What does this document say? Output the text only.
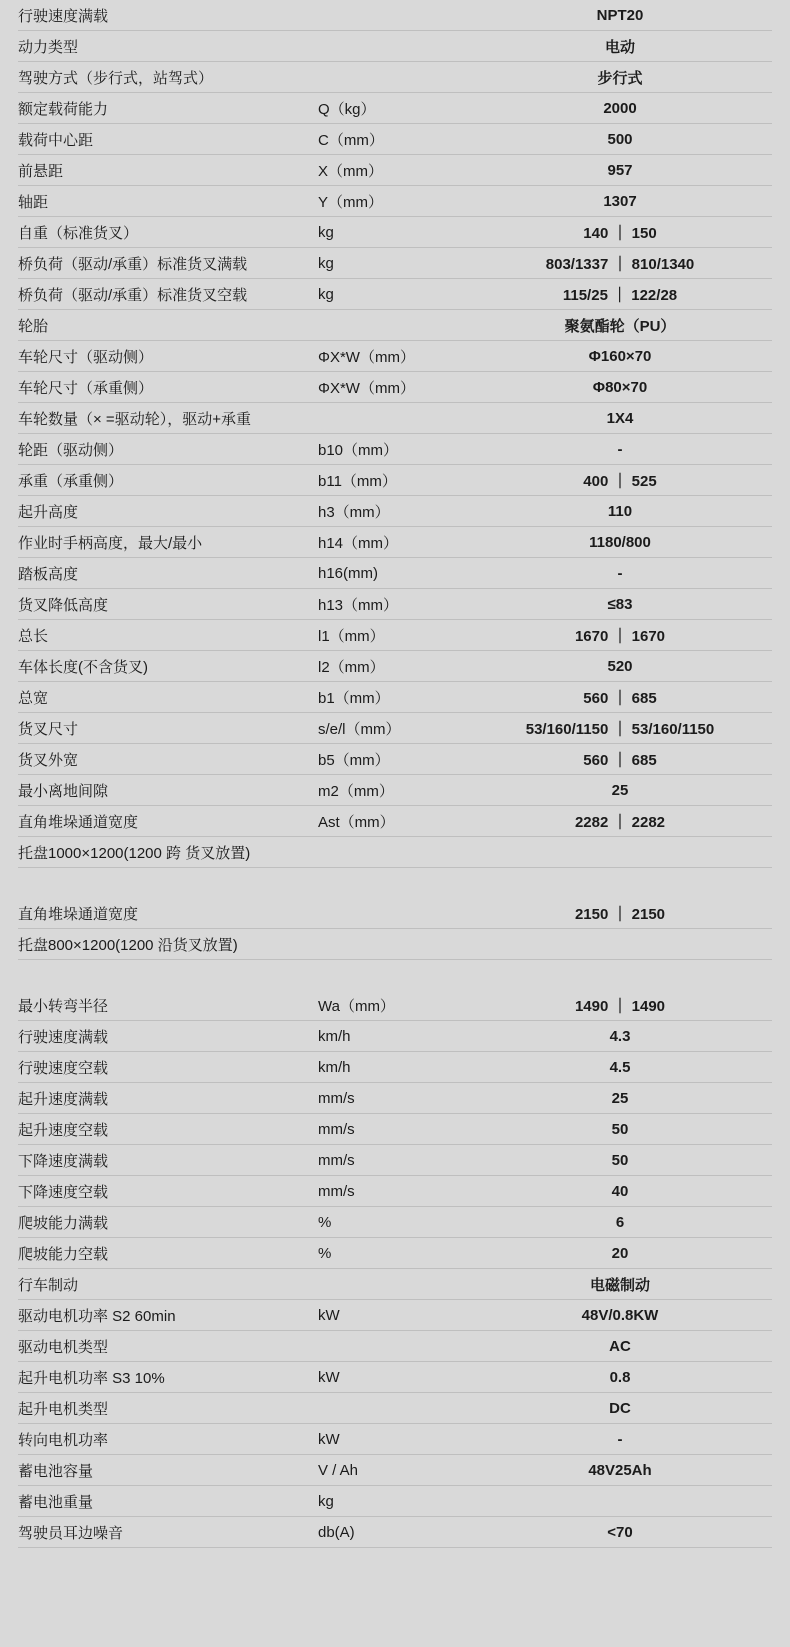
行驶速度满载		NPT20
动力类型		电动
驾驶方式（步行式，站驾式）		步行式
额定载荷能力	Q（kg）	2000
载荷中心距	C（mm）	500
前悬距	X（mm）	957
轴距	Y（mm）	1307
自重（标准货叉）	kg	140 ｜ 150
桥负荷（驱动/承重）标准货叉满载	kg	803/1337 ｜ 810/1340
桥负荷（驱动/承重）标准货叉空载	kg	115/25 ｜ 122/28
轮胎		聚氨酯轮（PU）
车轮尺寸（驱动侧）	ΦX*W（mm）	Φ160×70
车轮尺寸（承重侧）	ΦX*W（mm）	Φ80×70
车轮数量（× =驱动轮），驱动+承重		1X4
轮距（驱动侧）	b10（mm）	-
承重（承重侧）	b11（mm）	400 ｜ 525
起升高度	h3（mm）	110
作业时手柄高度，最大/最小	h14（mm）	1180/800
踏板高度	h16(mm)	-
货叉降低高度	h13（mm）	≤83
总长	l1（mm）	1670 ｜ 1670
车体长度(不含货叉)	l2（mm）	520
总宽	b1（mm）	560 ｜ 685
货叉尺寸	s/e/l（mm）	53/160/1150 ｜ 53/160/1150
货叉外宽	b5（mm）	560 ｜ 685
最小离地间隙	m2（mm）	25
直角堆垛通道宽度	Ast（mm）	2282 ｜ 2282
托盘1000×1200(1200 跨 货叉放置)		

直角堆垛通道宽度		2150 ｜ 2150
托盘800×1200(1200 沿货叉放置)		

最小转弯半径	Wa（mm）	1490 ｜ 1490
行驶速度满载	km/h	4.3
行驶速度空载	km/h	4.5
起升速度满载	mm/s	25
起升速度空载	mm/s	50
下降速度满载	mm/s	50
下降速度空载	mm/s	40
爬坡能力满载	%	6
爬坡能力空载	%	20
行车制动		电磁制动
驱动电机功率 S2 60min	kW	48V/0.8KW
驱动电机类型		AC
起升电机功率 S3 10%	kW	0.8
起升电机类型		DC
转向电机功率	kW	-
蓄电池容量	V / Ah	48V25Ah
蓄电池重量	kg	
驾驶员耳边噪音	db(A)	<70
